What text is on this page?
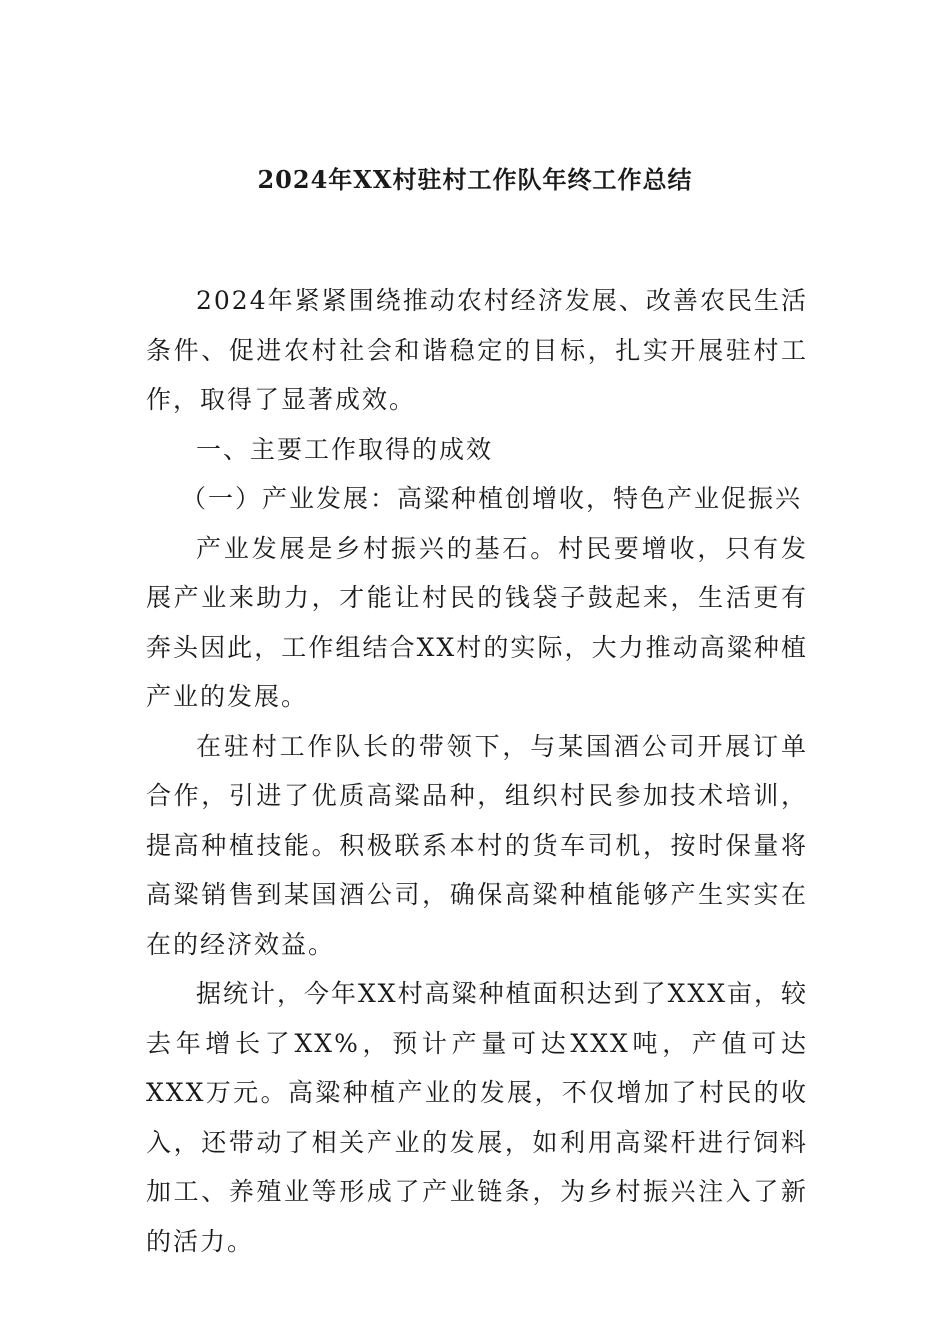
2024年XX村驻村工作队年终工作总结

2024年紧紧围绕推动农村经济发展、改善农民生活条件、促进农村社会和谐稳定的目标，扎实开展驻村工作，取得了显著成效。

一、主要工作取得的成效

（一）产业发展：高粱种植创增收，特色产业促振兴

产业发展是乡村振兴的基石。村民要增收，只有发展产业来助力，才能让村民的钱袋子鼓起来，生活更有奔头因此，工作组结合XX村的实际，大力推动高粱种植产业的发展。

在驻村工作队长的带领下，与某国酒公司开展订单合作，引进了优质高粱品种，组织村民参加技术培训，提高种植技能。积极联系本村的货车司机，按时保量将高粱销售到某国酒公司，确保高粱种植能够产生实实在在的经济效益。

据统计，今年XX村高粱种植面积达到了XXX亩，较去年增长了XX%，预计产量可达XXX吨，产值可达XXX万元。高粱种植产业的发展，不仅增加了村民的收入，还带动了相关产业的发展，如利用高粱杆进行饲料加工、养殖业等形成了产业链条，为乡村振兴注入了新的活力。
